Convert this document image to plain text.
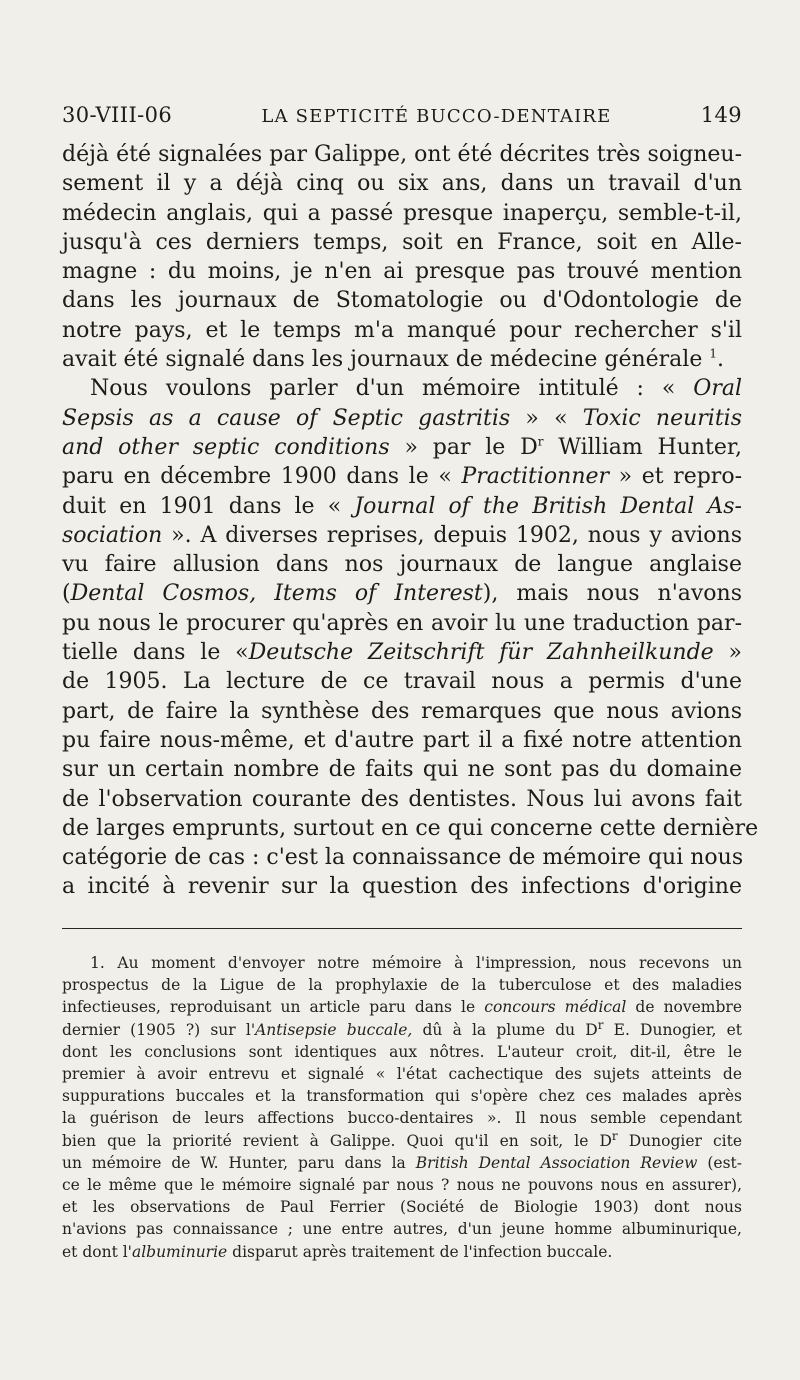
30-VIII-06	LA SEPTICITÉ BUCCO-DENTAIRE	149
déjà été signalées par Galippe, ont été décrites très soigneu-
sement il y a déjà cinq ou six ans, dans un travail d'un
médecin anglais, qui a passé presque inaperçu, semble-t-il,
jusqu'à ces derniers temps, soit en France, soit en Alle-
magne : du moins, je n'en ai presque pas trouvé mention
dans les journaux de Stomatologie ou d'Odontologie de
notre pays, et le temps m'a manqué pour rechercher s'il
avait été signalé dans les journaux de médecine générale $^1$.
Nous voulons parler d'un mémoire intitulé : « Oral
Sepsis as a cause of Septic gastritis » « Toxic neuritis
and other septic conditions » par le $D^r$ William Hunter,
paru en décembre 1900 dans le « Practitionner » et repro-
duit en 1901 dans le « Journal of the British Dental As-
sociation ». A diverses reprises, depuis 1902, nous y avions
vu faire allusion dans nos journaux de langue anglaise
(Dental Cosmos, Items of Interest), mais nous n'avons
pu nous le procurer qu'après en avoir lu une traduction par-
tielle dans le «Deutsche Zeitschrift für Zahnheilkunde »
de 1905. La lecture de ce travail nous a permis d'une
part, de faire la synthèse des remarques que nous avions
pu faire nous-même, et d'autre part il a fixé notre attention
sur un certain nombre de faits qui ne sont pas du domaine
de l'observation courante des dentistes. Nous lui avons fait
de larges emprunts, surtout en ce qui concerne cette dernière
catégorie de cas : c'est la connaissance de mémoire qui nous
a incité à revenir sur la question des infections d'origine
1. Au moment d'envoyer notre mémoire à l'impression, nous recevons un
prospectus de la Ligue de la prophylaxie de la tuberculose et des maladies
infectieuses, reproduisant un article paru dans le concours médical de novembre
dernier (1905 ?) sur l'Antisepsie buccale, dû à la plume du $D^r$ E. Dunogier, et
dont les conclusions sont identiques aux nôtres. L'auteur croit, dit-il, être le
premier à avoir entrevu et signalé « l'état cachectique des sujets atteints de
suppurations buccales et la transformation qui s'opère chez ces malades après
la guérison de leurs affections bucco-dentaires ». Il nous semble cependant
bien que la priorité revient à Galippe. Quoi qu'il en soit, le $D^r$ Dunogier cite
un mémoire de W. Hunter, paru dans la British Dental Association Review (est-
ce le même que le mémoire signalé par nous ? nous ne pouvons nous en assurer),
et les observations de Paul Ferrier (Société de Biologie 1903) dont nous
n'avions pas connaissance ; une entre autres, d'un jeune homme albuminurique,
et dont l'albuminurie disparut après traitement de l'infection buccale.
